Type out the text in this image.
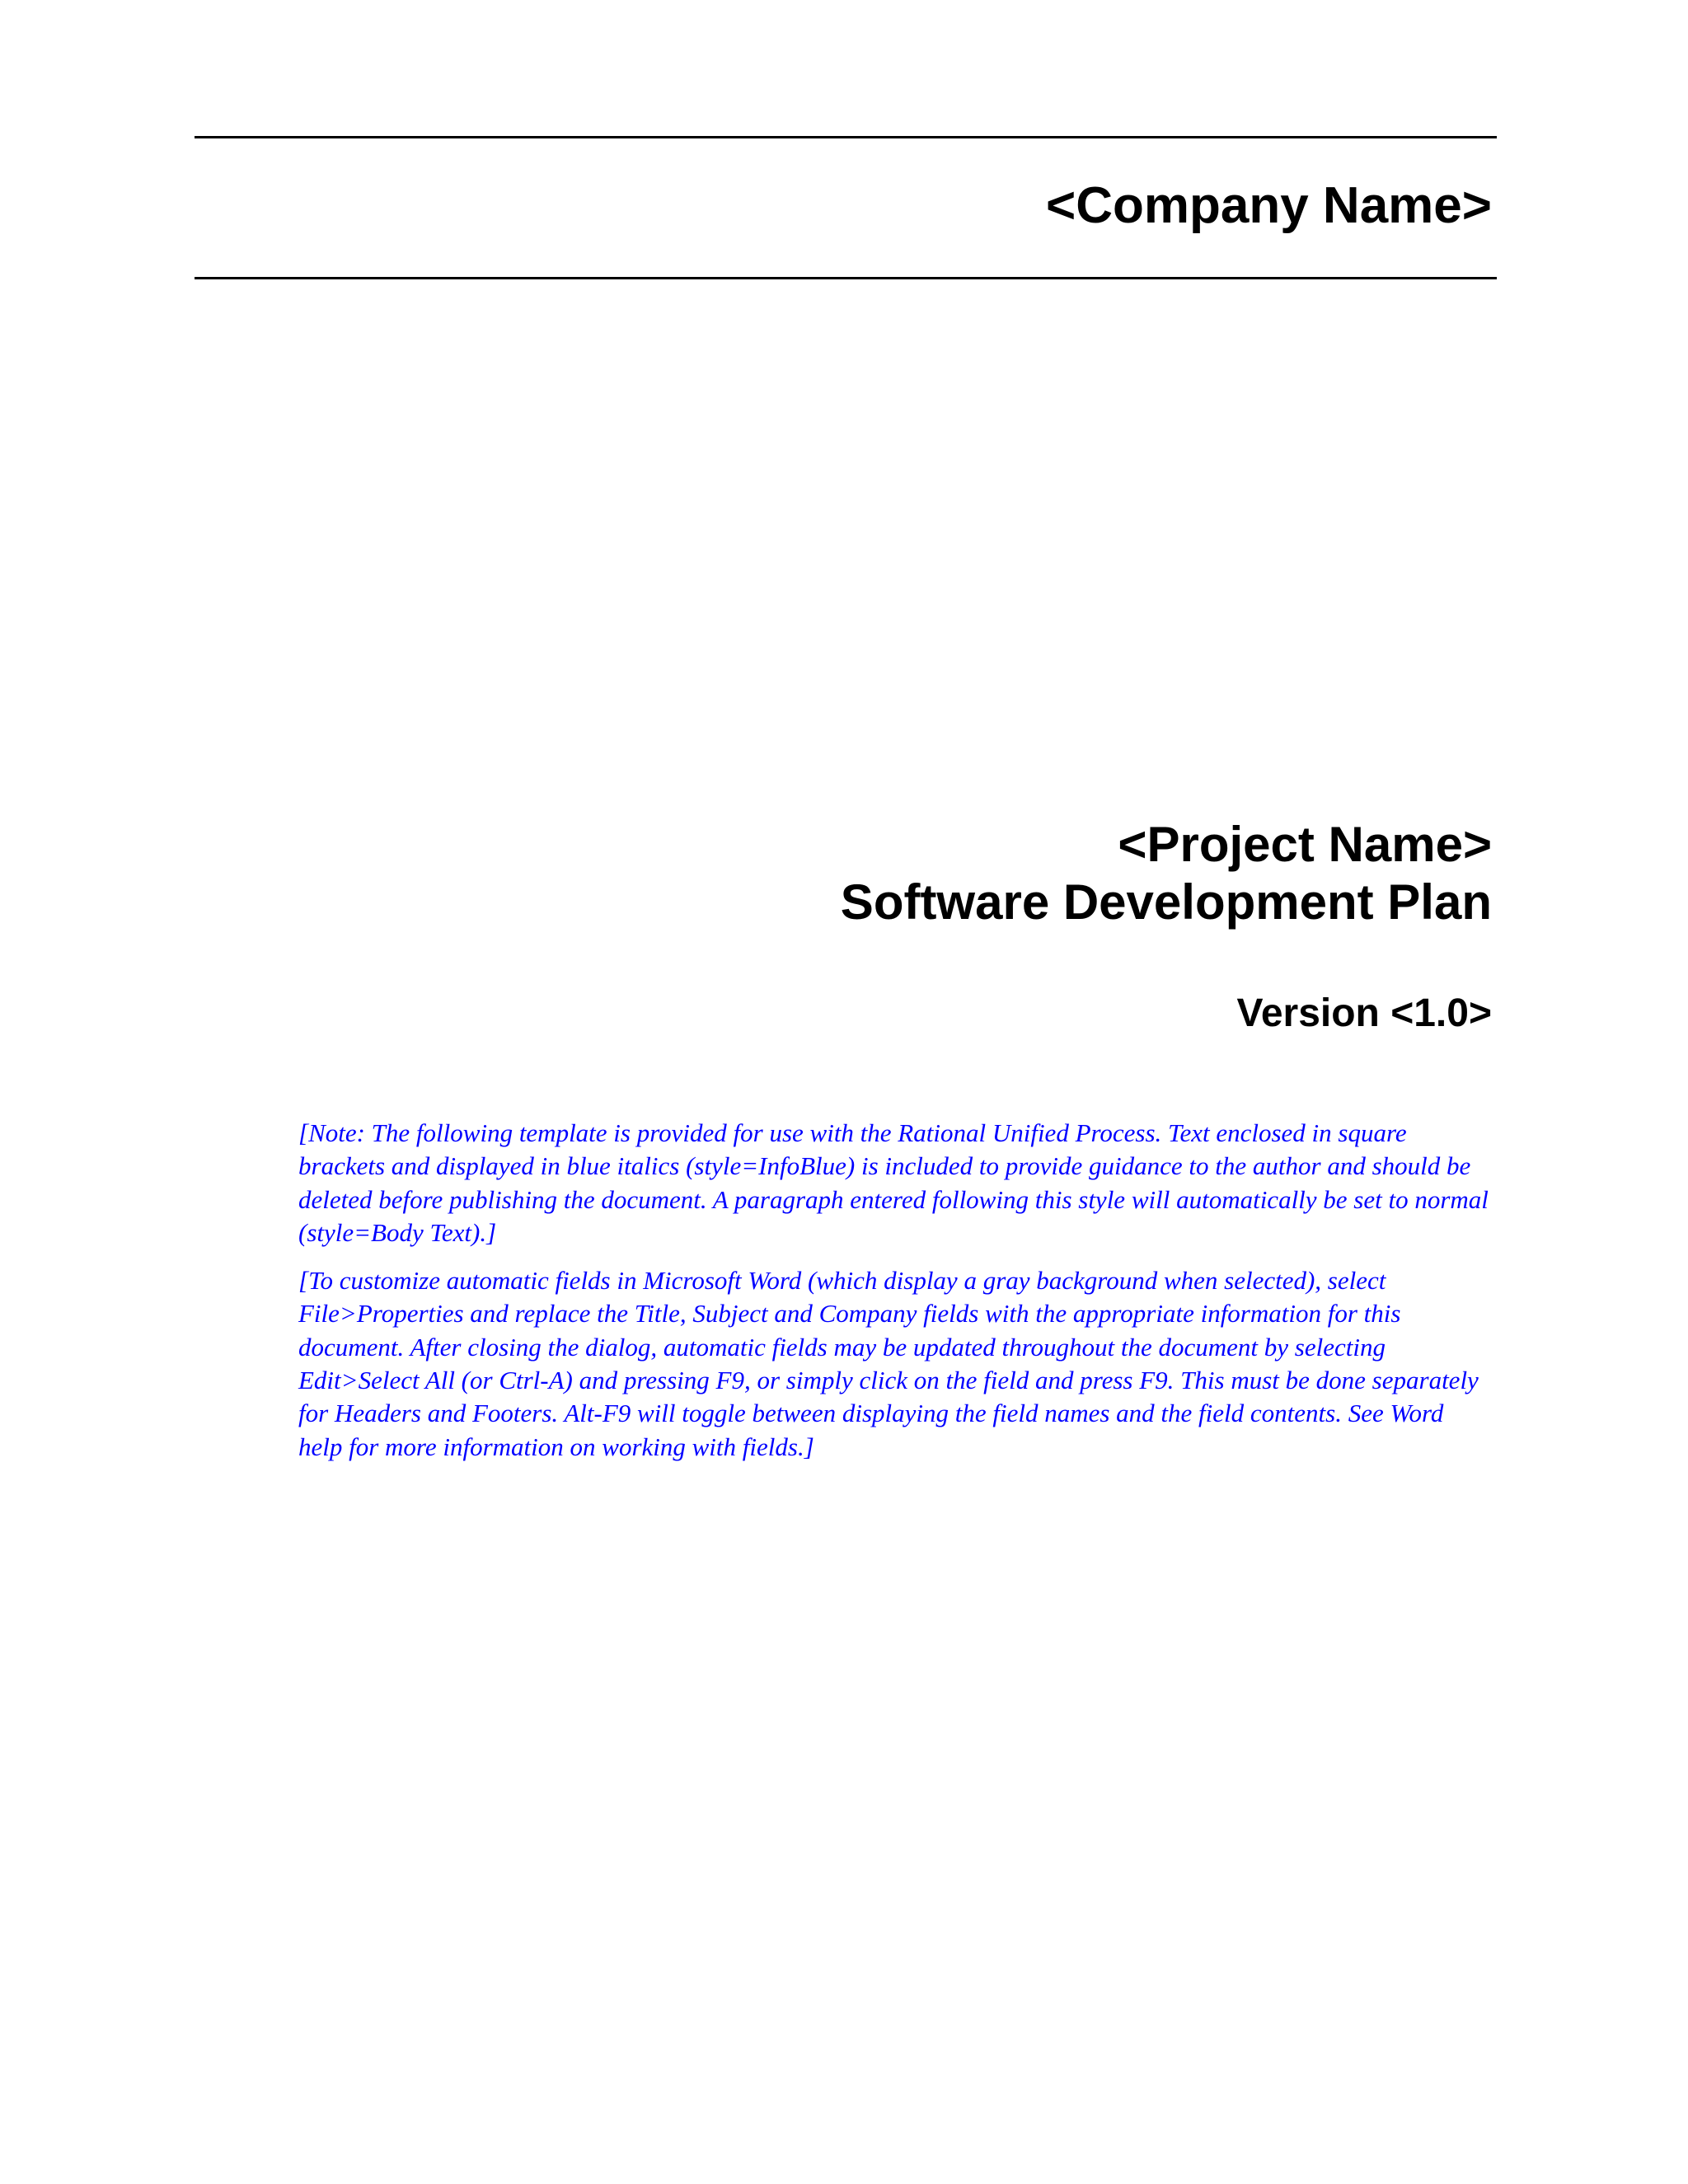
<Company Name>
<Project Name>
Software Development Plan
Version <1.0>

[Note: The following template is provided for use with the Rational Unified Process. Text enclosed in square brackets and displayed in blue italics (style=InfoBlue) is included to provide guidance to the author and should be deleted before publishing the document. A paragraph entered following this style will automatically be set to normal (style=Body Text).]

[To customize automatic fields in Microsoft Word (which display a gray background when selected), select File>Properties and replace the Title, Subject and Company fields with the appropriate information for this document. After closing the dialog, automatic fields may be updated throughout the document by selecting Edit>Select All (or Ctrl-A) and pressing F9, or simply click on the field and press F9. This must be done separately for Headers and Footers. Alt-F9 will toggle between displaying the field names and the field contents. See Word help for more information on working with fields.]
